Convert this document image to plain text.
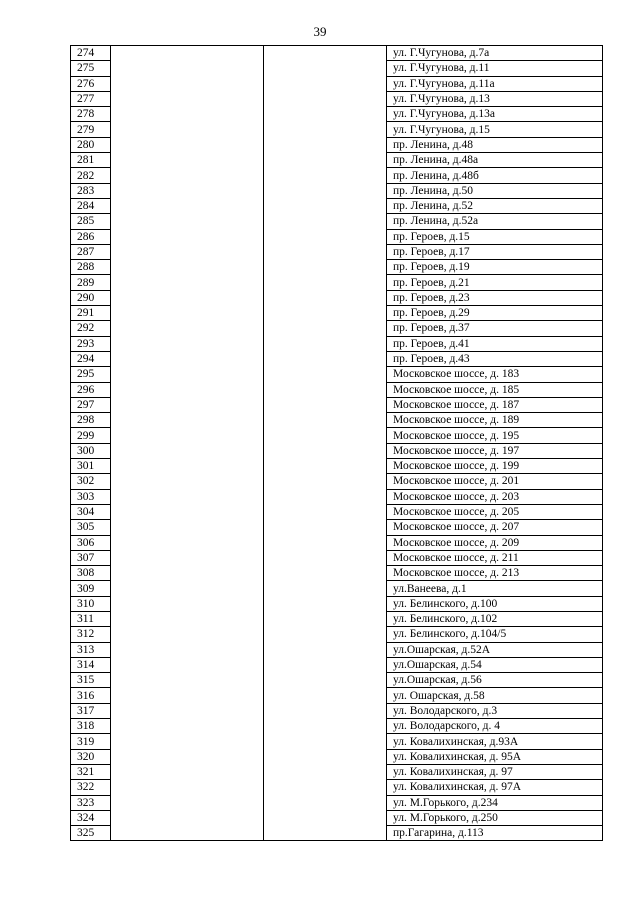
39
274			ул. Г.Чугунова, д.7а
275			ул. Г.Чугунова, д.11
276			ул. Г.Чугунова, д.11а
277			ул. Г.Чугунова, д.13
278			ул. Г.Чугунова, д.13а
279			ул. Г.Чугунова, д.15
280			пр. Ленина, д.48
281			пр. Ленина, д.48а
282			пр. Ленина, д.48б
283			пр. Ленина, д.50
284			пр. Ленина, д.52
285			пр. Ленина, д.52а
286			пр. Героев, д.15
287			пр. Героев, д.17
288			пр. Героев, д.19
289			пр. Героев, д.21
290			пр. Героев, д.23
291			пр. Героев, д.29
292			пр. Героев, д.37
293			пр. Героев, д.41
294			пр. Героев, д.43
295			Московское шоссе, д. 183
296			Московское шоссе, д. 185
297			Московское шоссе, д. 187
298			Московское шоссе, д. 189
299			Московское шоссе, д. 195
300			Московское шоссе, д. 197
301			Московское шоссе, д. 199
302			Московское шоссе, д. 201
303			Московское шоссе, д. 203
304			Московское шоссе, д. 205
305			Московское шоссе, д. 207
306			Московское шоссе, д. 209
307			Московское шоссе, д. 211
308			Московское шоссе, д. 213
309			ул.Ванеева, д.1
310			ул. Белинского, д.100
311			ул. Белинского, д.102
312			ул. Белинского, д.104/5
313			ул.Ошарская, д.52А
314			ул.Ошарская, д.54
315			ул.Ошарская, д.56
316			ул. Ошарская, д.58
317			ул. Володарского, д.3
318			ул. Володарского, д. 4
319			ул. Ковалихинская, д.93А
320			ул. Ковалихинская, д. 95А
321			ул. Ковалихинская, д. 97
322			ул. Ковалихинская, д. 97А
323			ул. М.Горького, д.234
324			ул. М.Горького, д.250
325			пр.Гагарина, д.113
